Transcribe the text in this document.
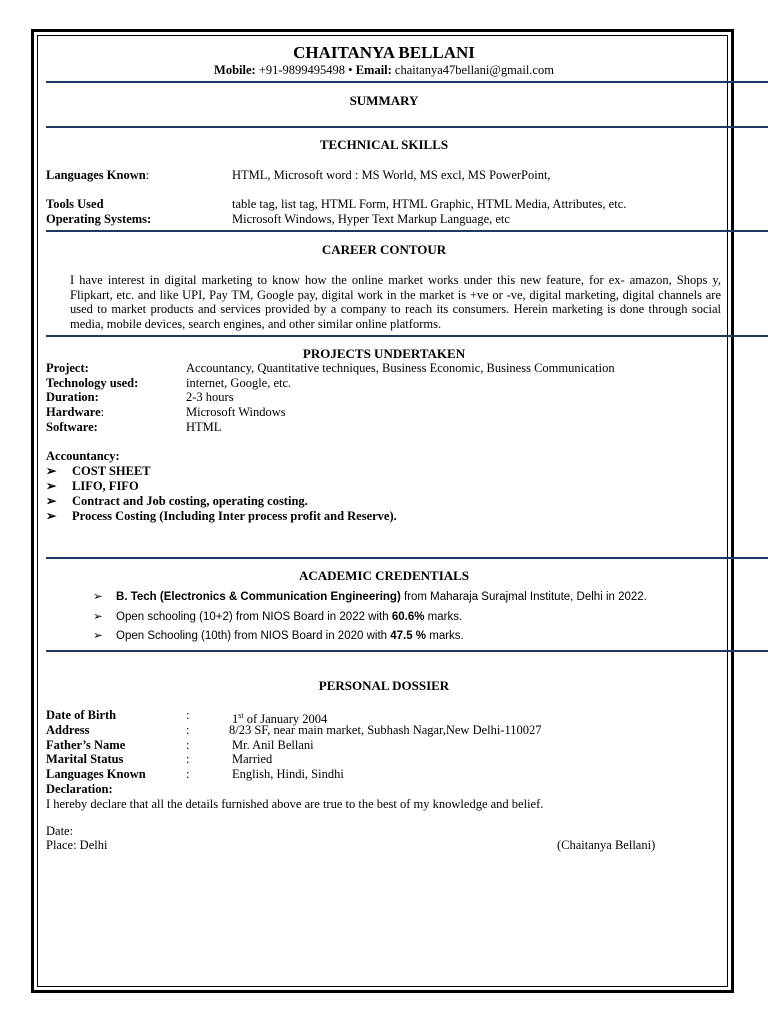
CHAITANYA BELLANI
Mobile: +91-9899495498 • Email: chaitanya47bellani@gmail.com
SUMMARY
TECHNICAL SKILLS
Languages Known:	HTML, Microsoft word : MS World, MS excl, MS PowerPoint,
Tools Used	table tag, list tag, HTML Form, HTML Graphic, HTML Media, Attributes, etc.
Operating Systems:	Microsoft Windows, Hyper Text Markup Language, etc
CAREER CONTOUR
I have interest in digital marketing to know how the online market works under this new feature, for ex- amazon, Shops y, Flipkart, etc. and like UPI, Pay TM, Google pay, digital work in the market is +ve or -ve, digital marketing, digital channels are used to market products and services provided by a company to reach its consumers. Herein marketing is done through social media, mobile devices, search engines, and other similar online platforms.
PROJECTS UNDERTAKEN
Project:	Accountancy, Quantitative techniques, Business Economic, Business Communication
Technology used:	internet, Google, etc.
Duration:	2-3 hours
Hardware:	Microsoft Windows
Software:	HTML
Accountancy:
➢ COST SHEET
➢ LIFO, FIFO
➢ Contract and Job costing, operating costing.
➢ Process Costing (Including Inter process profit and Reserve).
ACADEMIC CREDENTIALS
➢ B. Tech (Electronics & Communication Engineering) from Maharaja Surajmal Institute, Delhi in 2022.
➢ Open schooling (10+2) from NIOS Board in 2022 with 60.6% marks.
➢ Open Schooling (10th) from NIOS Board in 2020 with 47.5 % marks.
PERSONAL DOSSIER
Date of Birth	:	1st of January 2004
Address	:	8/23 SF, near main market, Subhash Nagar,New Delhi-110027
Father’s Name	:	Mr. Anil Bellani
Marital Status	:	Married
Languages Known	:	English, Hindi, Sindhi
Declaration:
I hereby declare that all the details furnished above are true to the best of my knowledge and belief.
Date:
Place: Delhi	(Chaitanya Bellani)
